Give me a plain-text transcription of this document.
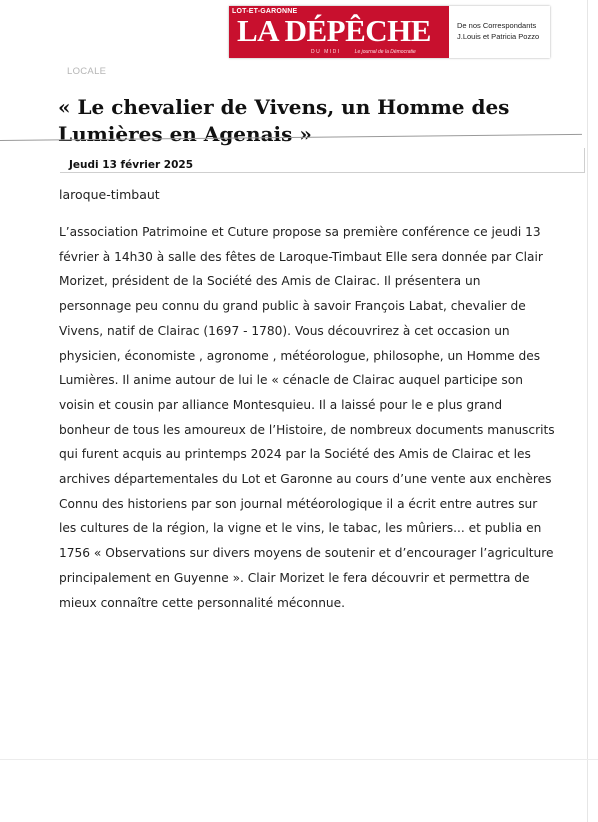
LOT-ET-GARONNE
LA DÉPÊCHE
DU MIDI	Le journal de la Démocratie
De nos Correspondants
J.Louis et Patricia Pozzo
LOCALE
« Le chevalier de Vivens, un Homme des Lumières en Agenais »
Jeudi 13 février 2025
laroque-timbaut
L’association Patrimoine et Cuture propose sa première conférence ce jeudi 13
février à 14h30 à salle des fêtes de Laroque-Timbaut Elle sera donnée par Clair
Morizet, président de la Société des Amis de Clairac. Il présentera un
personnage peu connu du grand public à savoir François Labat, chevalier de
Vivens, natif de Clairac (1697 - 1780). Vous découvrirez à cet occasion un
physicien, économiste , agronome , météorologue, philosophe, un Homme des
Lumières. Il anime autour de lui le « cénacle de Clairac auquel participe son
voisin et cousin par alliance Montesquieu. Il a laissé pour le e plus grand
bonheur de tous les amoureux de l’Histoire, de nombreux documents manuscrits
qui furent acquis au printemps 2024 par la Société des Amis de Clairac et les
archives départementales du Lot et Garonne au cours d’une vente aux enchères
Connu des historiens par son journal météorologique il a écrit entre autres sur
les cultures de la région, la vigne et le vins, le tabac, les mûriers... et publia en
1756 « Observations sur divers moyens de soutenir et d’encourager l’agriculture
principalement en Guyenne ». Clair Morizet le fera découvrir et permettra de
mieux connaître cette personnalité méconnue.
